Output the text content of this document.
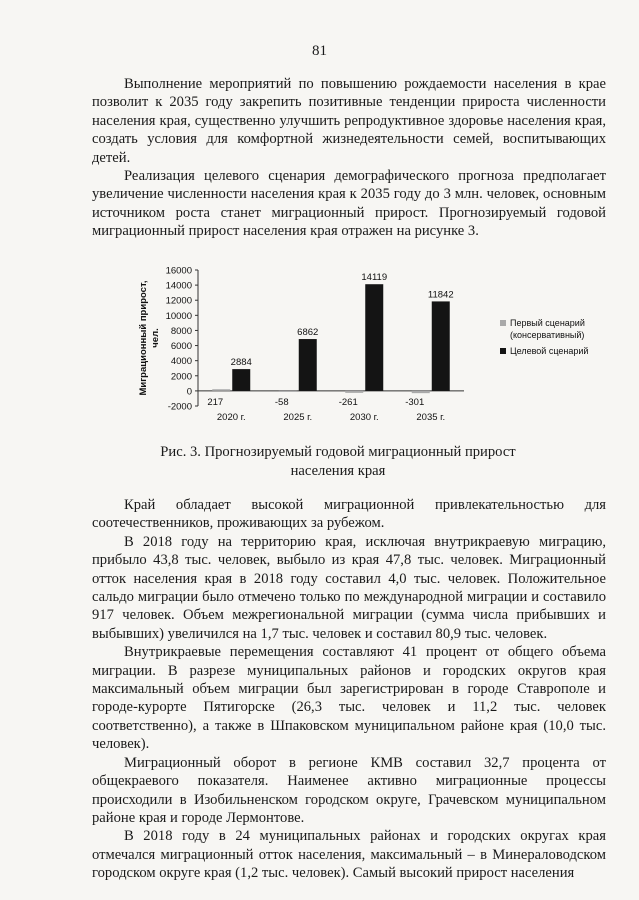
81

Выполнение мероприятий по повышению рождаемости населения в крае позволит к 2035 году закрепить позитивные тенденции прироста численности населения края, существенно улучшить репродуктивное здоровье населения края, создать условия для комфортной жизнедеятельности семей, воспитывающих детей.

Реализация целевого сценария демографического прогноза предполагает увеличение численности населения края к 2035 году до 3 млн. человек, основным источником роста станет миграционный прирост. Прогнозируемый годовой миграционный прирост населения края отражен на рисунке 3.

-2000
0
2000
4000
6000
8000
10000
12000
14000
16000
Миграционный прирост,чел.
217
2884
2020 г.
-58
6862
2025 г.
-261
14119
2030 г.
-301
11842
2035 г.
Первый сценарий
(консервативный)
Целевой сценарий
Рис. 3. Прогнозируемый годовой миграционный прирост
населения края

Край обладает высокой миграционной привлекательностью для соотечественников, проживающих за рубежом.

В 2018 году на территорию края, исключая внутрикраевую миграцию, прибыло 43,8 тыс. человек, выбыло из края 47,8 тыс. человек. Миграционный отток населения края в 2018 году составил 4,0 тыс. человек. Положительное сальдо миграции было отмечено только по международной миграции и составило 917 человек. Объем межрегиональной миграции (сумма числа прибывших и выбывших) увеличился на 1,7 тыс. человек и составил 80,9 тыс. человек.

Внутрикраевые перемещения составляют 41 процент от общего объема миграции. В разрезе муниципальных районов и городских округов края максимальный объем миграции был зарегистрирован в городе Ставрополе и городе-курорте Пятигорске (26,3 тыс. человек и 11,2 тыс. человек соответственно), а также в Шпаковском муниципальном районе края (10,0 тыс. человек).

Миграционный оборот в регионе КМВ составил 32,7 процента от общекраевого показателя. Наименее активно миграционные процессы происходили в Изобильненском городском округе, Грачевском муниципальном районе края и городе Лермонтове.

В 2018 году в 24 муниципальных районах и городских округах края отмечался миграционный отток населения, максимальный – в Минераловодском городском округе края (1,2 тыс. человек). Самый высокий прирост населения
